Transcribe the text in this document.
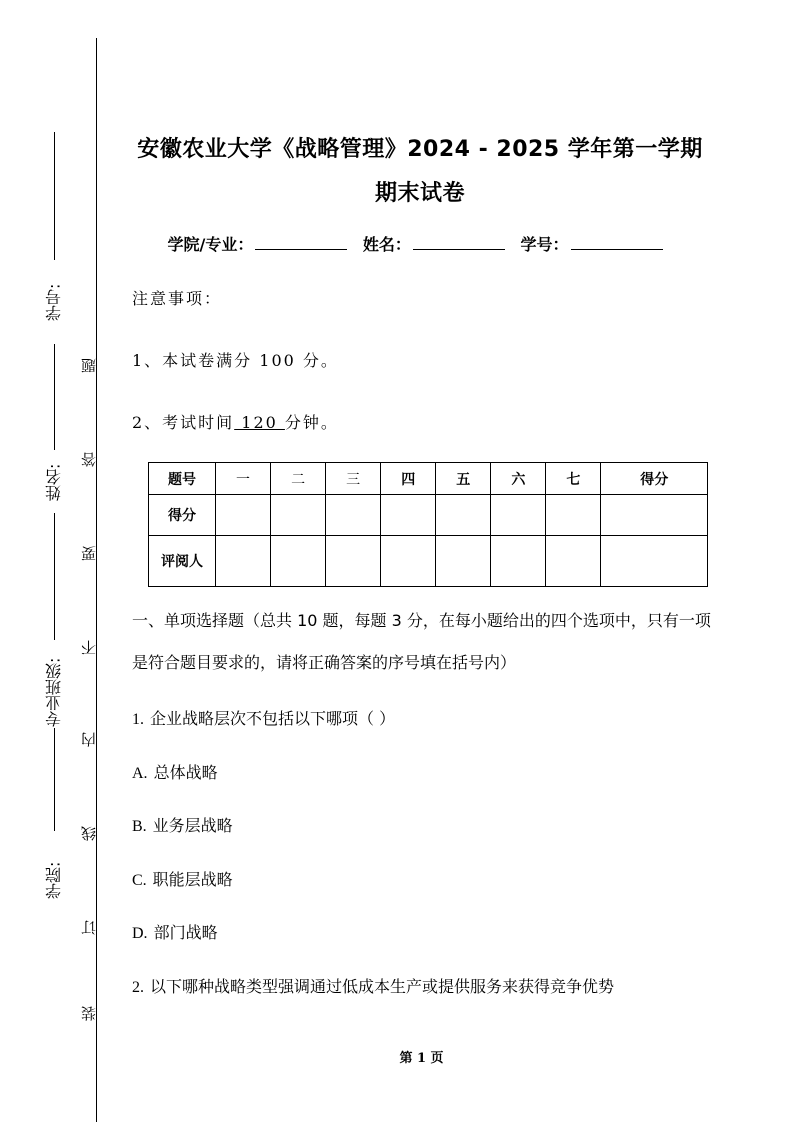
学号:
姓名:
专业班级:
学院:
题
答
要
不
内
线
订
装
安徽农业大学《战略管理》2024 - 2025 学年第一学期
期末试卷
学院/专业：	姓名：	学号：
注意事项：
1、本试卷满分 100 分。
2、考试时间 120 分钟。
题号	一	二	三	四	五	六	七	得分
得分								
评阅人								
一、单项选择题（总共 10 题，每题 3 分，在每小题给出的四个选项中，只有一项是符合题目要求的，请将正确答案的序号填在括号内）
1. 企业战略层次不包括以下哪项（ ）
A. 总体战略
B. 业务层战略
C. 职能层战略
D. 部门战略
2. 以下哪种战略类型强调通过低成本生产或提供服务来获得竞争优势
第 1 页
